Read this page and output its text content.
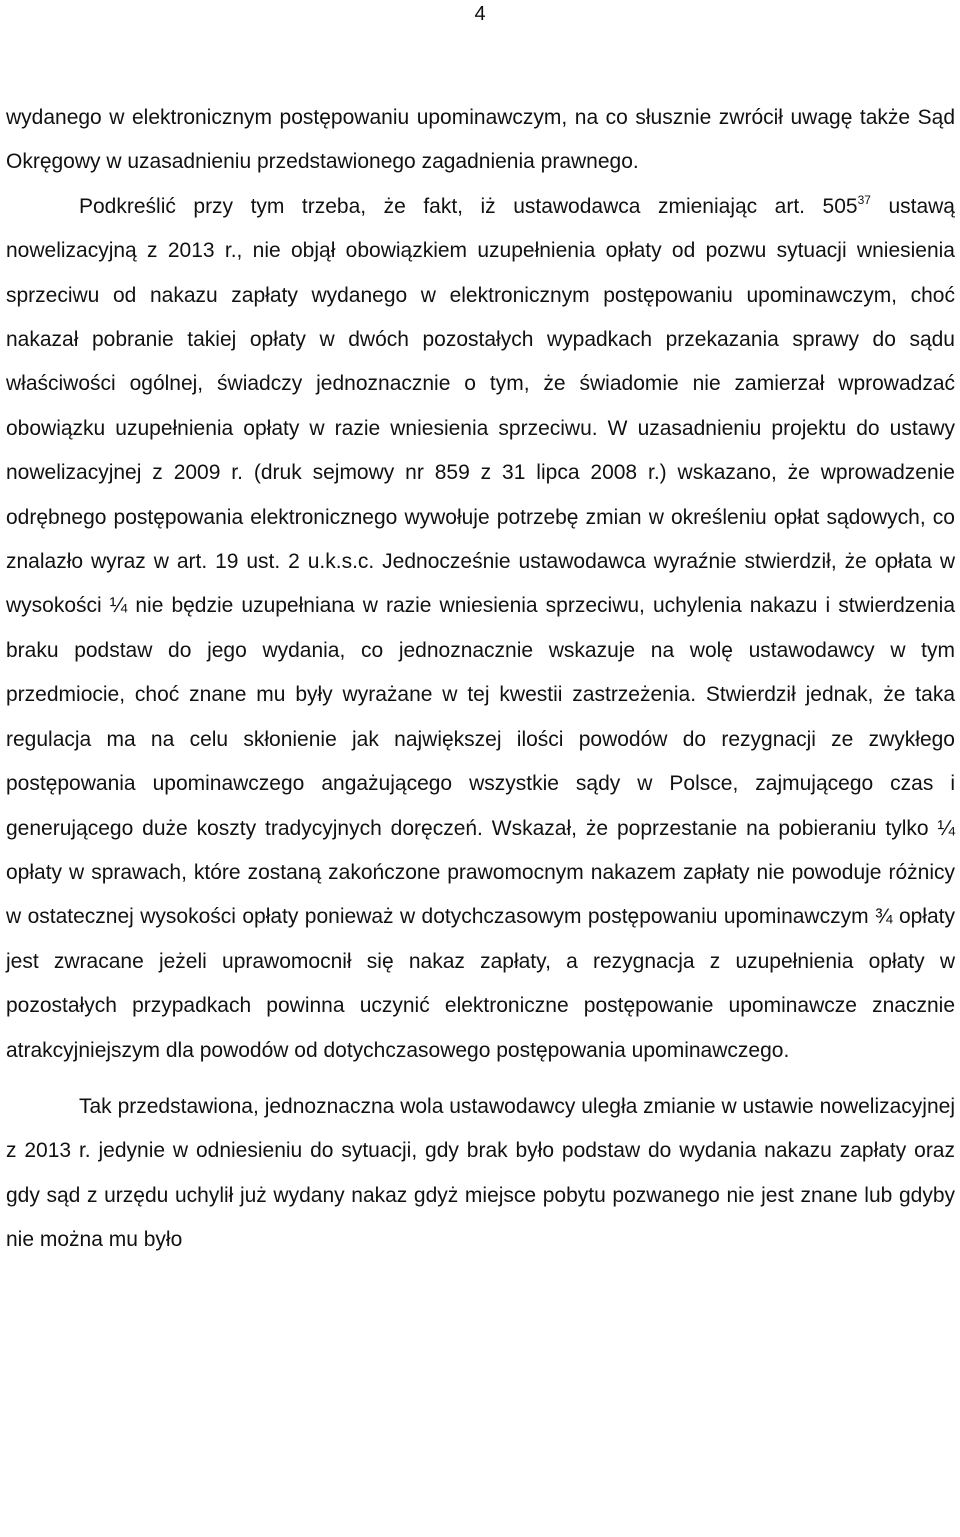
4

wydanego w elektronicznym postępowaniu upominawczym, na co słusznie zwrócił uwagę także Sąd Okręgowy w uzasadnieniu przedstawionego zagadnienia prawnego.

Podkreślić przy tym trzeba, że fakt, iż ustawodawca zmieniając art. $505^{37}$ ustawą nowelizacyjną z 2013 r., nie objął obowiązkiem uzupełnienia opłaty od pozwu sytuacji wniesienia sprzeciwu od nakazu zapłaty wydanego w elektronicznym postępowaniu upominawczym, choć nakazał pobranie takiej opłaty w dwóch pozostałych wypadkach przekazania sprawy do sądu właściwości ogólnej, świadczy jednoznacznie o tym, że świadomie nie zamierzał wprowadzać obowiązku uzupełnienia opłaty w razie wniesienia sprzeciwu. W uzasadnieniu projektu do ustawy nowelizacyjnej z 2009 r. (druk sejmowy nr 859 z 31 lipca 2008 r.) wskazano, że wprowadzenie odrębnego postępowania elektronicznego wywołuje potrzebę zmian w określeniu opłat sądowych, co znalazło wyraz w art. 19 ust. 2 u.k.s.c. Jednocześnie ustawodawca wyraźnie stwierdził, że opłata w wysokości ¼ nie będzie uzupełniana w razie wniesienia sprzeciwu, uchylenia nakazu i stwierdzenia braku podstaw do jego wydania, co jednoznacznie wskazuje na wolę ustawodawcy w tym przedmiocie, choć znane mu były wyrażane w tej kwestii zastrzeżenia. Stwierdził jednak, że taka regulacja ma na celu skłonienie jak największej ilości powodów do rezygnacji ze zwykłego postępowania upominawczego angażującego wszystkie sądy w Polsce, zajmującego czas i generującego duże koszty tradycyjnych doręczeń. Wskazał, że poprzestanie na pobieraniu tylko ¼ opłaty w sprawach, które zostaną zakończone prawomocnym nakazem zapłaty nie powoduje różnicy w ostatecznej wysokości opłaty ponieważ w dotychczasowym postępowaniu upominawczym ¾ opłaty jest zwracane jeżeli uprawomocnił się nakaz zapłaty, a rezygnacja z uzupełnienia opłaty w pozostałych przypadkach powinna uczynić elektroniczne postępowanie upominawcze znacznie atrakcyjniejszym dla powodów od dotychczasowego postępowania upominawczego.

Tak przedstawiona, jednoznaczna wola ustawodawcy uległa zmianie w ustawie nowelizacyjnej z 2013 r. jedynie w odniesieniu do sytuacji, gdy brak było podstaw do wydania nakazu zapłaty oraz gdy sąd z urzędu uchylił już wydany nakaz gdyż miejsce pobytu pozwanego nie jest znane lub gdyby nie można mu było
